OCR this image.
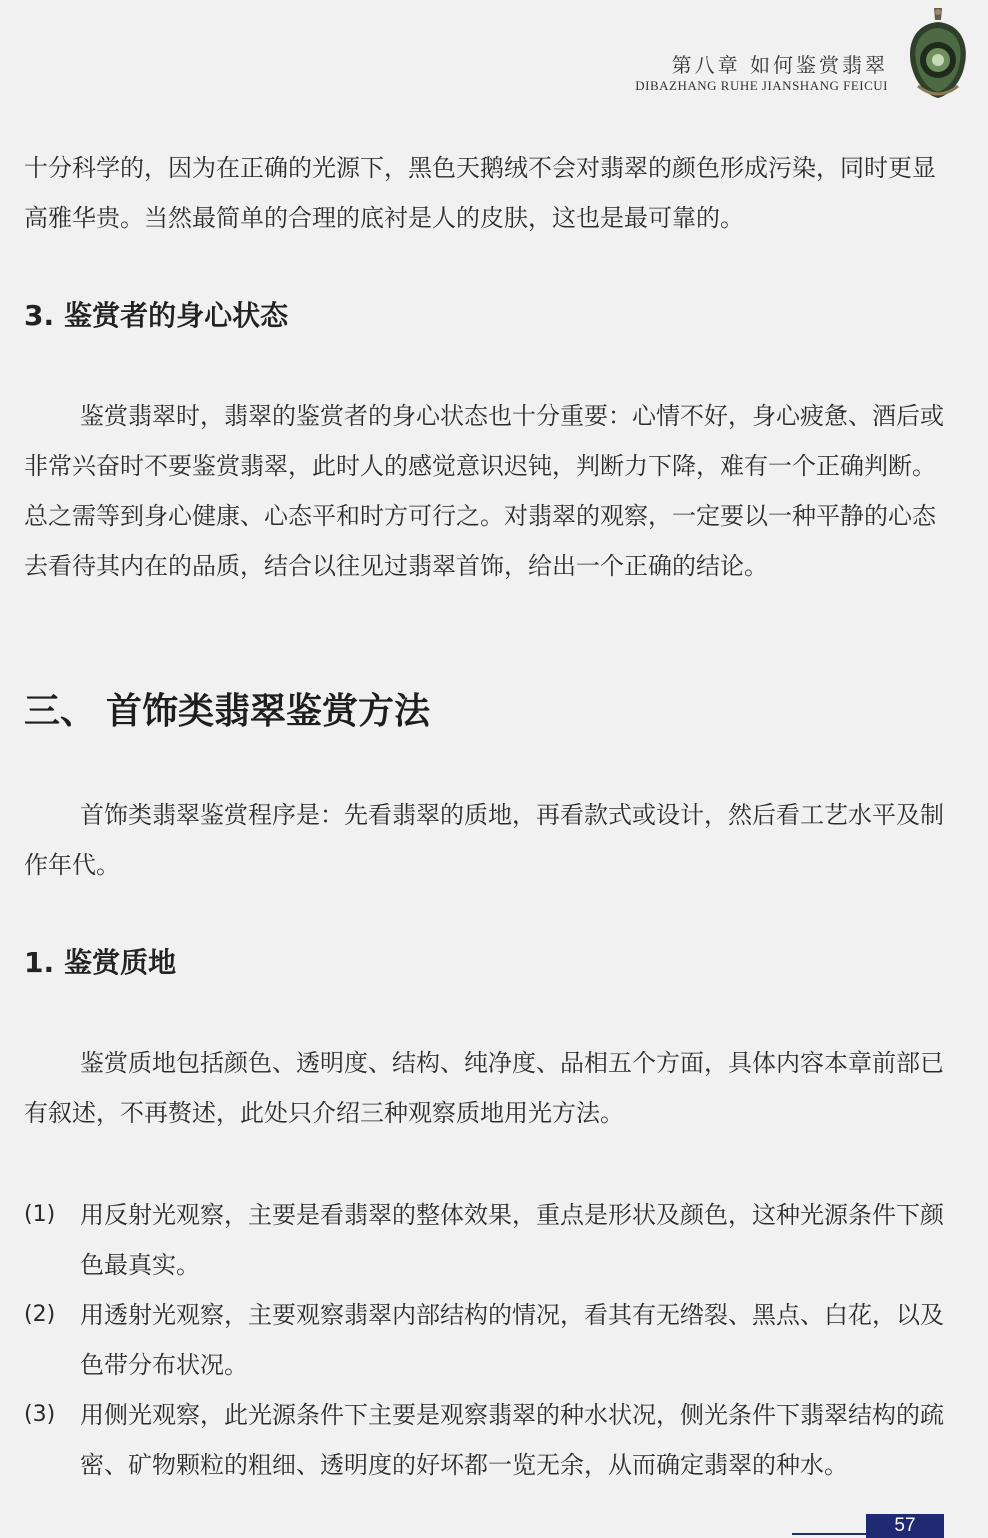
第八章 如何鉴赏翡翠
DIBAZHANG RUHE JIANSHANG FEICUI

十分科学的，因为在正确的光源下，黑色天鹅绒不会对翡翠的颜色形成污染，同时更显高雅华贵。当然最简单的合理的底衬是人的皮肤，这也是最可靠的。

3. 鉴赏者的身心状态

鉴赏翡翠时，翡翠的鉴赏者的身心状态也十分重要：心情不好，身心疲惫、酒后或非常兴奋时不要鉴赏翡翠，此时人的感觉意识迟钝，判断力下降，难有一个正确判断。总之需等到身心健康、心态平和时方可行之。对翡翠的观察，一定要以一种平静的心态去看待其内在的品质，结合以往见过翡翠首饰，给出一个正确的结论。

三、 首饰类翡翠鉴赏方法

首饰类翡翠鉴赏程序是：先看翡翠的质地，再看款式或设计，然后看工艺水平及制作年代。

1. 鉴赏质地

鉴赏质地包括颜色、透明度、结构、纯净度、品相五个方面，具体内容本章前部已有叙述，不再赘述，此处只介绍三种观察质地用光方法。

(1)	用反射光观察，主要是看翡翠的整体效果，重点是形状及颜色，这种光源条件下颜色最真实。
(2)	用透射光观察，主要观察翡翠内部结构的情况，看其有无绺裂、黑点、白花，以及色带分布状况。
(3)	用侧光观察，此光源条件下主要是观察翡翠的种水状况，侧光条件下翡翠结构的疏密、矿物颗粒的粗细、透明度的好坏都一览无余，从而确定翡翠的种水。
57
